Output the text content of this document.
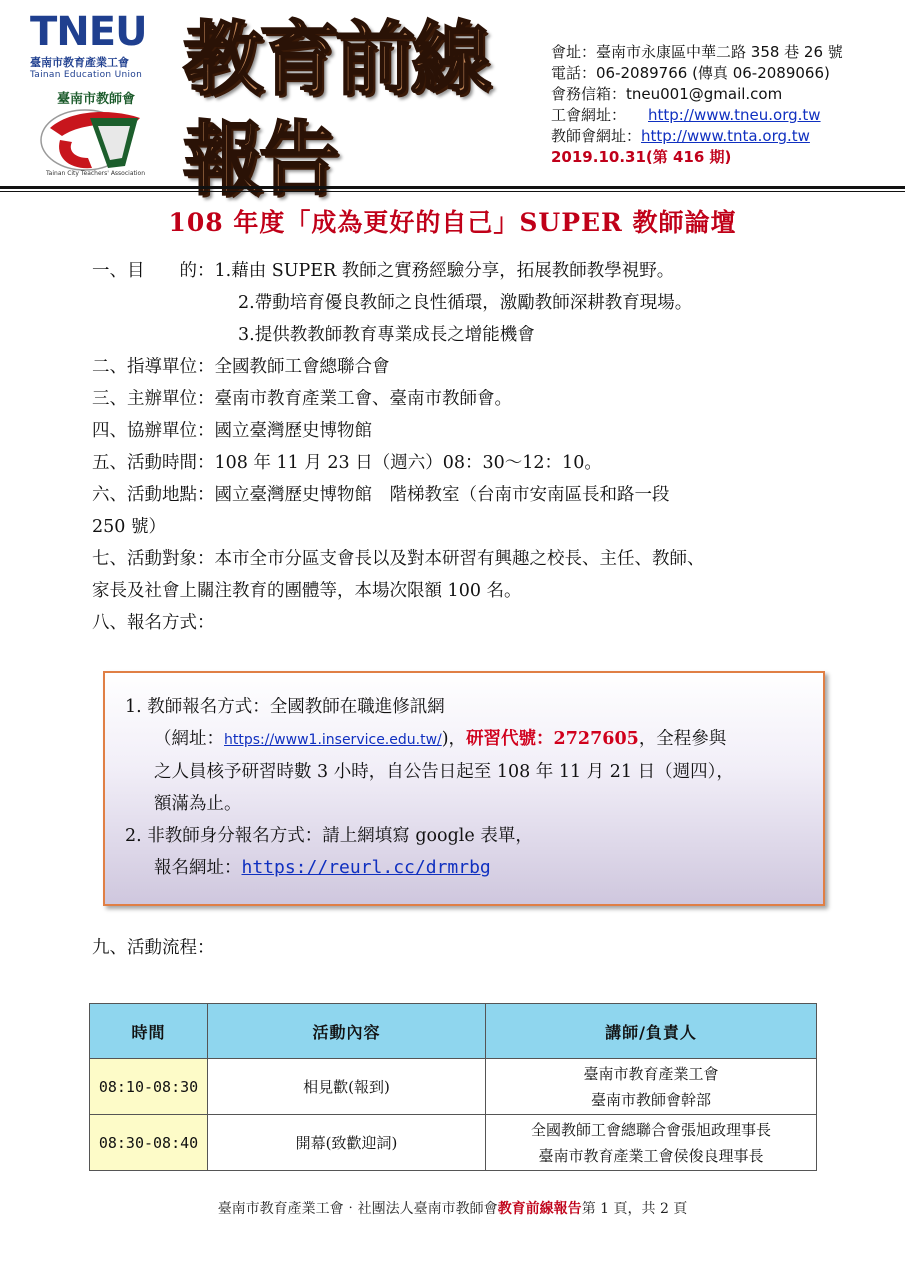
TNEU
臺南市教育產業工會
Tainan Education Union
臺南市教師會
Tainan City Teachers' Association
教育前線報告
會址：臺南市永康區中華二路 358 巷 26 號
電話：06-2089766 (傳真 06-2089066)
會務信箱：tneu001@gmail.com
工會網址： http://www.tneu.org.tw
教師會網址：http://www.tnta.org.tw
2019.10.31(第 416 期)
108 年度「成為更好的自己」SUPER 教師論壇
一、目　　的：1.藉由 SUPER 教師之實務經驗分享，拓展教師教學視野。
2.帶動培育優良教師之良性循環，激勵教師深耕教育現場。
3.提供教教師教育專業成長之增能機會
二、指導單位：全國教師工會總聯合會
三、主辦單位：臺南市教育產業工會、臺南市教師會。
四、協辦單位：國立臺灣歷史博物館
五、活動時間：108 年 11 月 23 日（週六）08：30～12：10。
六、活動地點：國立臺灣歷史博物館　階梯教室（台南市安南區長和路一段
250 號）
七、活動對象：本市全市分區支會長以及對本研習有興趣之校長、主任、教師、
家長及社會上關注教育的團體等，本場次限額 100 名。
八、報名方式：
1. 教師報名方式：全國教師在職進修訊網
（網址：https://www1.inservice.edu.tw/)，研習代號：2727605，全程參與
之人員核予研習時數 3 小時，自公告日起至 108 年 11 月 21 日（週四），
額滿為止。
2. 非教師身分報名方式：請上網填寫 google 表單，
報名網址：https://reurl.cc/drmrbg
九、活動流程：
時間	活動內容	講師/負責人
08:10-08:30	相見歡(報到)	臺南市教育產業工會
臺南市教師會幹部

08:30-08:40	開幕(致歡迎詞)	全國教師工會總聯合會張旭政理事長
臺南市教育產業工會侯俊良理事長
臺南市教育產業工會‧社團法人臺南市教師會教育前線報告第 1 頁，共 2 頁
